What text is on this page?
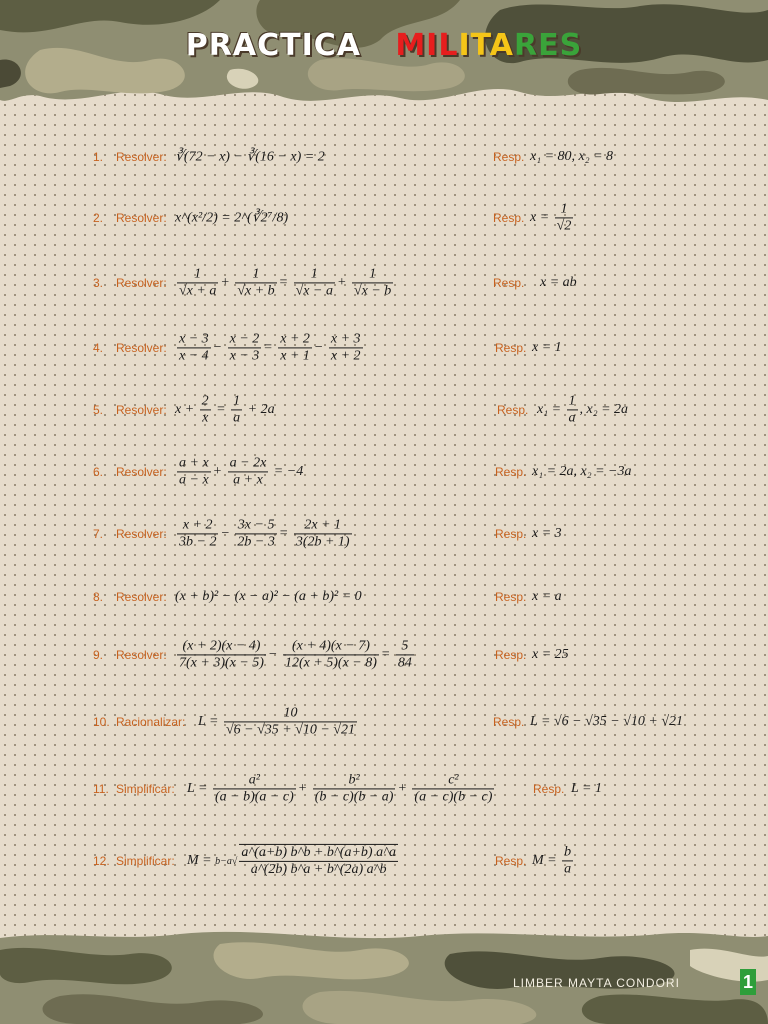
PRACTICA MILITARES
1. Resolver: ∛(72 − x) − ∛(16 − x) = 2	Resp. x₁ = 80, x₂ = 8
2. Resolver: x^(x²/2) = 2^(∛2⁷/8)	Resp. $x = \frac{1}{√2}$
3. Resolver: $\frac{1}{√x + a} + \frac{1}{√x + b} = \frac{1}{√x - a} + \frac{1}{√x - b}$	Resp. x = ab
4. Resolver: $\frac{x - 3}{x - 4} - \frac{x - 2}{x - 3} = \frac{x + 2}{x + 1} - \frac{x + 3}{x + 2}$	Resp. x = 1
5. Resolver: $x + \frac{2}{x} = \frac{1}{a} + 2a$	Resp. $x_1 = \frac{1}{a}$ , x₂ = 2a
6. Resolver: $\frac{a + x}{a - x} + \frac{a - 2x}{a + x} = -4$	Resp. x₁ = 2a, x₂ = −3a
7. Resolver: $\frac{x + 2}{3b - 2} - \frac{3x - 5}{2b - 3} = \frac{2x + 1}{3(2b + 1)}$	Resp. x = 3
8. Resolver: (x + b)² − (x − a)² − (a + b)² = 0	Resp. x = a
9. Resolver: $\frac{(x + 2)(x - 4)}{7(x + 3)(x - 5)} - \frac{(x + 4)(x - 7)}{12(x + 5)(x - 8)} = \frac{5}{84}$	Resp. x = 25
10. Racionalizar: $L = \frac{10}{√6 - √35 + √10 - √21}$	Resp. L = √6 − √35 − √10 + √21
11. Simplificar: $L = \frac{\text{a²}}{(a - b)(a - c)} + \frac{\text{b²}}{(b - c)(b - a)} + \frac{\text{c²}}{(a - c)(b - c)}$	Resp. L = 1
12. Simplificar: $M = b-a√ \frac{a\^{}(a+b) b\^{}b + b\^{}(a+b) a\^{}a}{a\^{}(2b) b\^{}a + b\^{}(2a) a\^{}b}$	Resp. $M = \frac{b}{a}$
LIMBER MAYTA CONDORI	1
